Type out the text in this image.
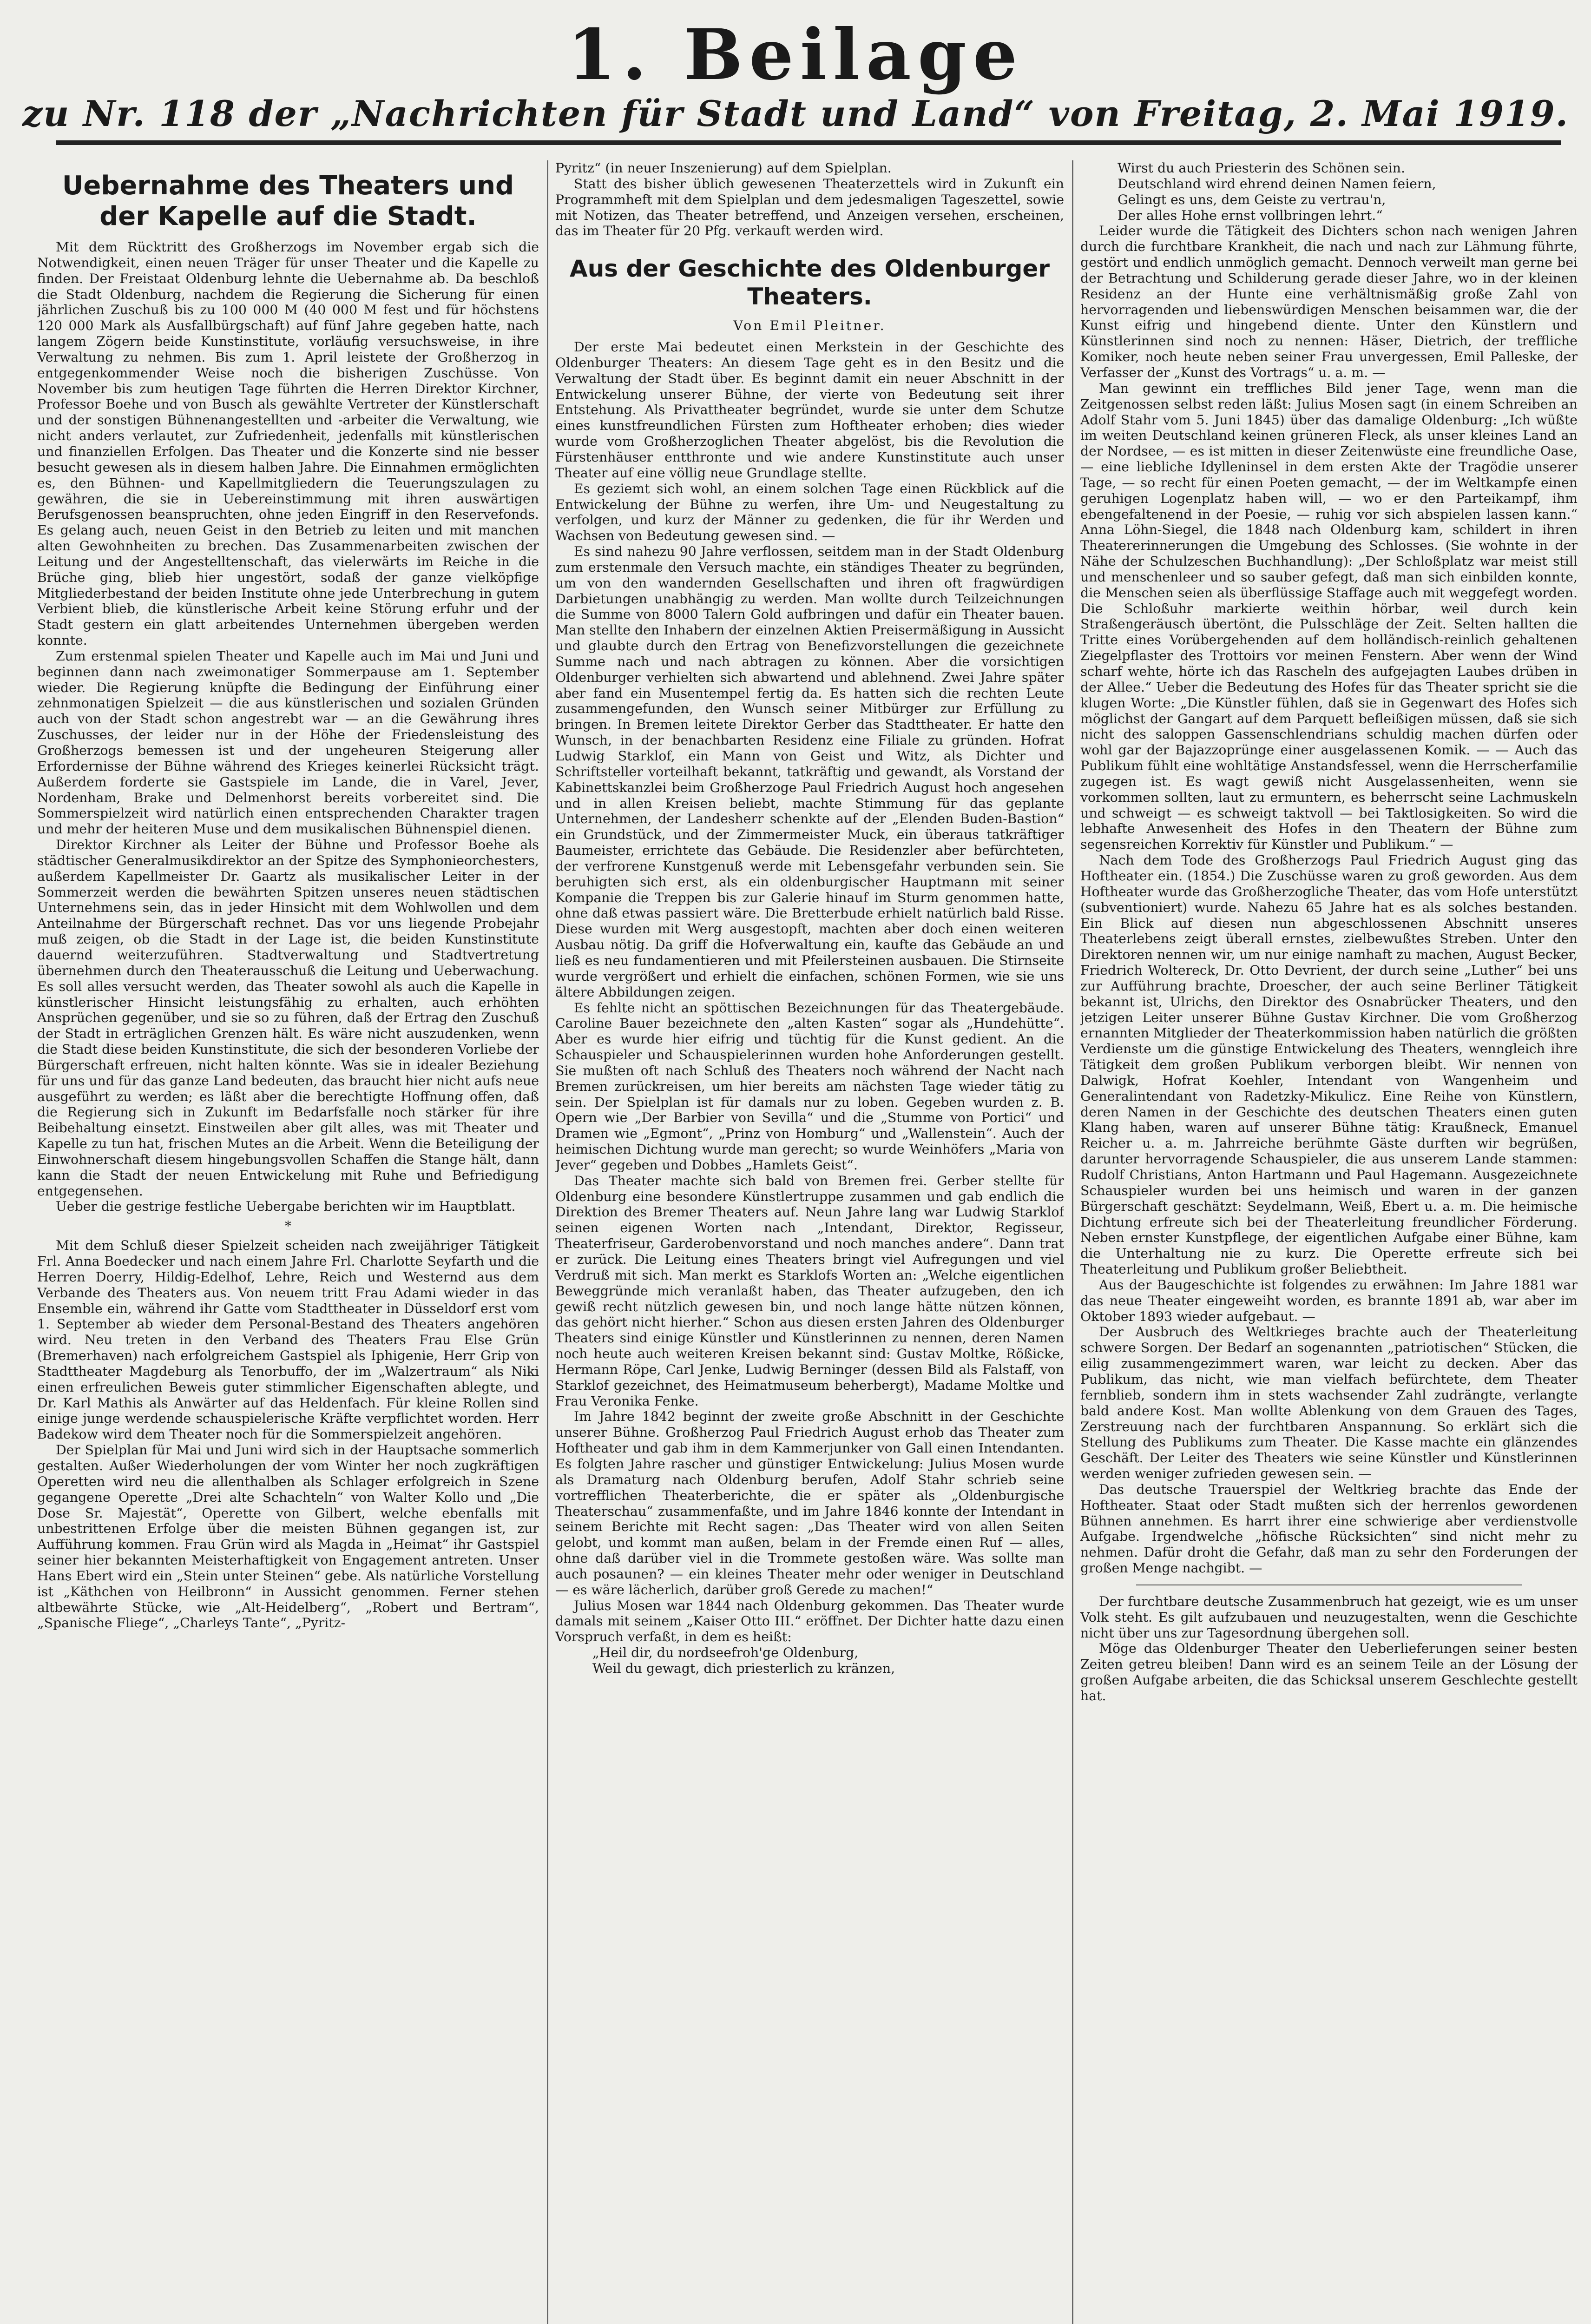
1. Beilage
zu Nr. 118 der „Nachrichten für Stadt und Land“ von Freitag, 2. Mai 1919.
Uebernahme des Theaters und der Kapelle auf die Stadt.

Mit dem Rücktritt des Großherzogs im November ergab sich die Notwendigkeit, einen neuen Träger für unser Theater und die Kapelle zu finden. Der Freistaat Oldenburg lehnte die Uebernahme ab. Da beschloß die Stadt Oldenburg, nachdem die Regierung die Sicherung für einen jährlichen Zuschuß bis zu 100 000 M (40 000 M fest und für höchstens 120 000 Mark als Ausfallbürgschaft) auf fünf Jahre gegeben hatte, nach langem Zögern beide Kunstinstitute, vorläufig versuchsweise, in ihre Verwaltung zu nehmen. Bis zum 1. April leistete der Großherzog in entgegenkommender Weise noch die bisherigen Zuschüsse. Von November bis zum heutigen Tage führten die Herren Direktor Kirchner, Professor Boehe und von Busch als gewählte Vertreter der Künstlerschaft und der sonstigen Bühnenangestellten und -arbeiter die Verwaltung, wie nicht anders verlautet, zur Zufriedenheit, jedenfalls mit künstlerischen und finanziellen Erfolgen. Das Theater und die Konzerte sind nie besser besucht gewesen als in diesem halben Jahre. Die Einnahmen ermöglichten es, den Bühnen- und Kapellmitgliedern die Teuerungszulagen zu gewähren, die sie in Uebereinstimmung mit ihren auswärtigen Berufsgenossen beanspruchten, ohne jeden Eingriff in den Reservefonds. Es gelang auch, neuen Geist in den Betrieb zu leiten und mit manchen alten Gewohnheiten zu brechen. Das Zusammenarbeiten zwischen der Leitung und der Angestelltenschaft, das vielerwärts im Reiche in die Brüche ging, blieb hier ungestört, sodaß der ganze vielköpfige Mitgliederbestand der beiden Institute ohne jede Unterbrechung in gutem Verbient blieb, die künstlerische Arbeit keine Störung erfuhr und der Stadt gestern ein glatt arbeitendes Unternehmen übergeben werden konnte.

Zum erstenmal spielen Theater und Kapelle auch im Mai und Juni und beginnen dann nach zweimonatiger Sommerpause am 1. September wieder. Die Regierung knüpfte die Bedingung der Einführung einer zehnmonatigen Spielzeit — die aus künstlerischen und sozialen Gründen auch von der Stadt schon angestrebt war — an die Gewährung ihres Zuschusses, der leider nur in der Höhe der Friedensleistung des Großherzogs bemessen ist und der ungeheuren Steigerung aller Erfordernisse der Bühne während des Krieges keinerlei Rücksicht trägt. Außerdem forderte sie Gastspiele im Lande, die in Varel, Jever, Nordenham, Brake und Delmenhorst bereits vorbereitet sind. Die Sommerspielzeit wird natürlich einen entsprechenden Charakter tragen und mehr der heiteren Muse und dem musikalischen Bühnenspiel dienen.

Direktor Kirchner als Leiter der Bühne und Professor Boehe als städtischer Generalmusikdirektor an der Spitze des Symphonieorchesters, außerdem Kapellmeister Dr. Gaartz als musikalischer Leiter in der Sommerzeit werden die bewährten Spitzen unseres neuen städtischen Unternehmens sein, das in jeder Hinsicht mit dem Wohlwollen und dem Anteilnahme der Bürgerschaft rechnet. Das vor uns liegende Probejahr muß zeigen, ob die Stadt in der Lage ist, die beiden Kunstinstitute dauernd weiterzuführen. Stadtverwaltung und Stadtvertretung übernehmen durch den Theaterausschuß die Leitung und Ueberwachung. Es soll alles versucht werden, das Theater sowohl als auch die Kapelle in künstlerischer Hinsicht leistungsfähig zu erhalten, auch erhöhten Ansprüchen gegenüber, und sie so zu führen, daß der Ertrag den Zuschuß der Stadt in erträglichen Grenzen hält. Es wäre nicht auszudenken, wenn die Stadt diese beiden Kunstinstitute, die sich der besonderen Vorliebe der Bürgerschaft erfreuen, nicht halten könnte. Was sie in idealer Beziehung für uns und für das ganze Land bedeuten, das braucht hier nicht aufs neue ausgeführt zu werden; es läßt aber die berechtigte Hoffnung offen, daß die Regierung sich in Zukunft im Bedarfsfalle noch stärker für ihre Beibehaltung einsetzt. Einstweilen aber gilt alles, was mit Theater und Kapelle zu tun hat, frischen Mutes an die Arbeit. Wenn die Beteiligung der Einwohnerschaft diesem hingebungsvollen Schaffen die Stange hält, dann kann die Stadt der neuen Entwickelung mit Ruhe und Befriedigung entgegensehen.

Ueber die gestrige festliche Uebergabe berichten wir im Hauptblatt.

*

Mit dem Schluß dieser Spielzeit scheiden nach zweijähriger Tätigkeit Frl. Anna Boedecker und nach einem Jahre Frl. Charlotte Seyfarth und die Herren Doerry, Hildig-Edelhof, Lehre, Reich und Westernd aus dem Verbande des Theaters aus. Von neuem tritt Frau Adami wieder in das Ensemble ein, während ihr Gatte vom Stadttheater in Düsseldorf erst vom 1. September ab wieder dem Personal-Bestand des Theaters angehören wird. Neu treten in den Verband des Theaters Frau Else Grün (Bremerhaven) nach erfolgreichem Gastspiel als Iphigenie, Herr Grip von Stadttheater Magdeburg als Tenorbuffo, der im „Walzertraum“ als Niki einen erfreulichen Beweis guter stimmlicher Eigenschaften ablegte, und Dr. Karl Mathis als Anwärter auf das Heldenfach. Für kleine Rollen sind einige junge werdende schauspielerische Kräfte verpflichtet worden. Herr Badekow wird dem Theater noch für die Sommerspielzeit angehören.

Der Spielplan für Mai und Juni wird sich in der Hauptsache sommerlich gestalten. Außer Wiederholungen der vom Winter her noch zugkräftigen Operetten wird neu die allenthalben als Schlager erfolgreich in Szene gegangene Operette „Drei alte Schachteln“ von Walter Kollo und „Die Dose Sr. Majestät“, Operette von Gilbert, welche ebenfalls mit unbestrittenen Erfolge über die meisten Bühnen gegangen ist, zur Aufführung kommen. Frau Grün wird als Magda in „Heimat“ ihr Gastspiel seiner hier bekannten Meisterhaftigkeit von Engagement antreten. Unser Hans Ebert wird ein „Stein unter Steinen“ gebe. Als natürliche Vorstellung ist „Käthchen von Heilbronn“ in Aussicht genommen. Ferner stehen altbewährte Stücke, wie „Alt-Heidelberg“, „Robert und Bertram“, „Spanische Fliege“, „Charleys Tante“, „Pyritz-

Pyritz“ (in neuer Inszenierung) auf dem Spielplan.

Statt des bisher üblich gewesenen Theaterzettels wird in Zukunft ein Programmheft mit dem Spielplan und dem jedesmaligen Tageszettel, sowie mit Notizen, das Theater betreffend, und Anzeigen versehen, erscheinen, das im Theater für 20 Pfg. verkauft werden wird.

Aus der Geschichte des Oldenburger Theaters.
Von Emil Pleitner.

Der erste Mai bedeutet einen Merkstein in der Geschichte des Oldenburger Theaters: An diesem Tage geht es in den Besitz und die Verwaltung der Stadt über. Es beginnt damit ein neuer Abschnitt in der Entwickelung unserer Bühne, der vierte von Bedeutung seit ihrer Entstehung. Als Privattheater begründet, wurde sie unter dem Schutze eines kunstfreundlichen Fürsten zum Hoftheater erhoben; dies wieder wurde vom Großherzoglichen Theater abgelöst, bis die Revolution die Fürstenhäuser entthronte und wie andere Kunstinstitute auch unser Theater auf eine völlig neue Grundlage stellte.

Es geziemt sich wohl, an einem solchen Tage einen Rückblick auf die Entwickelung der Bühne zu werfen, ihre Um- und Neugestaltung zu verfolgen, und kurz der Männer zu gedenken, die für ihr Werden und Wachsen von Bedeutung gewesen sind. —

Es sind nahezu 90 Jahre verflossen, seitdem man in der Stadt Oldenburg zum erstenmale den Versuch machte, ein ständiges Theater zu begründen, um von den wandernden Gesellschaften und ihren oft fragwürdigen Darbietungen unabhängig zu werden. Man wollte durch Teilzeichnungen die Summe von 8000 Talern Gold aufbringen und dafür ein Theater bauen. Man stellte den Inhabern der einzelnen Aktien Preisermäßigung in Aussicht und glaubte durch den Ertrag von Benefizvorstellungen die gezeichnete Summe nach und nach abtragen zu können. Aber die vorsichtigen Oldenburger verhielten sich abwartend und ablehnend. Zwei Jahre später aber fand ein Musentempel fertig da. Es hatten sich die rechten Leute zusammengefunden, den Wunsch seiner Mitbürger zur Erfüllung zu bringen. In Bremen leitete Direktor Gerber das Stadttheater. Er hatte den Wunsch, in der benachbarten Residenz eine Filiale zu gründen. Hofrat Ludwig Starklof, ein Mann von Geist und Witz, als Dichter und Schriftsteller vorteilhaft bekannt, tatkräftig und gewandt, als Vorstand der Kabinettskanzlei beim Großherzoge Paul Friedrich August hoch angesehen und in allen Kreisen beliebt, machte Stimmung für das geplante Unternehmen, der Landesherr schenkte auf der „Elenden Buden-Bastion“ ein Grundstück, und der Zimmermeister Muck, ein überaus tatkräftiger Baumeister, errichtete das Gebäude. Die Residenzler aber befürchteten, der verfrorene Kunstgenuß werde mit Lebensgefahr verbunden sein. Sie beruhigten sich erst, als ein oldenburgischer Hauptmann mit seiner Kompanie die Treppen bis zur Galerie hinauf im Sturm genommen hatte, ohne daß etwas passiert wäre. Die Bretterbude erhielt natürlich bald Risse. Diese wurden mit Werg ausgestopft, machten aber doch einen weiteren Ausbau nötig. Da griff die Hofverwaltung ein, kaufte das Gebäude an und ließ es neu fundamentieren und mit Pfeilersteinen ausbauen. Die Stirnseite wurde vergrößert und erhielt die einfachen, schönen Formen, wie sie uns ältere Abbildungen zeigen.

Es fehlte nicht an spöttischen Bezeichnungen für das Theatergebäude. Caroline Bauer bezeichnete den „alten Kasten“ sogar als „Hundehütte“. Aber es wurde hier eifrig und tüchtig für die Kunst gedient. An die Schauspieler und Schauspielerinnen wurden hohe Anforderungen gestellt. Sie mußten oft nach Schluß des Theaters noch während der Nacht nach Bremen zurückreisen, um hier bereits am nächsten Tage wieder tätig zu sein. Der Spielplan ist für damals nur zu loben. Gegeben wurden z. B. Opern wie „Der Barbier von Sevilla“ und die „Stumme von Portici“ und Dramen wie „Egmont“, „Prinz von Homburg“ und „Wallenstein“. Auch der heimischen Dichtung wurde man gerecht; so wurde Weinhöfers „Maria von Jever“ gegeben und Dobbes „Hamlets Geist“.

Das Theater machte sich bald von Bremen frei. Gerber stellte für Oldenburg eine besondere Künstlertruppe zusammen und gab endlich die Direktion des Bremer Theaters auf. Neun Jahre lang war Ludwig Starklof seinen eigenen Worten nach „Intendant, Direktor, Regisseur, Theaterfriseur, Garderobenvorstand und noch manches andere“. Dann trat er zurück. Die Leitung eines Theaters bringt viel Aufregungen und viel Verdruß mit sich. Man merkt es Starklofs Worten an: „Welche eigentlichen Beweggründe mich veranlaßt haben, das Theater aufzugeben, den ich gewiß recht nützlich gewesen bin, und noch lange hätte nützen können, das gehört nicht hierher.“ Schon aus diesen ersten Jahren des Oldenburger Theaters sind einige Künstler und Künstlerinnen zu nennen, deren Namen noch heute auch weiteren Kreisen bekannt sind: Gustav Moltke, Rößicke, Hermann Röpe, Carl Jenke, Ludwig Berninger (dessen Bild als Falstaff, von Starklof gezeichnet, des Heimatmuseum beherbergt), Madame Moltke und Frau Veronika Fenke.

Im Jahre 1842 beginnt der zweite große Abschnitt in der Geschichte unserer Bühne. Großherzog Paul Friedrich August erhob das Theater zum Hoftheater und gab ihm in dem Kammerjunker von Gall einen Intendanten. Es folgten Jahre rascher und günstiger Entwickelung: Julius Mosen wurde als Dramaturg nach Oldenburg berufen, Adolf Stahr schrieb seine vortrefflichen Theaterberichte, die er später als „Oldenburgische Theaterschau“ zusammenfaßte, und im Jahre 1846 konnte der Intendant in seinem Berichte mit Recht sagen: „Das Theater wird von allen Seiten gelobt, und kommt man außen, belam in der Fremde einen Ruf — alles, ohne daß darüber viel in die Trommete gestoßen wäre. Was sollte man auch posaunen? — ein kleines Theater mehr oder weniger in Deutschland — es wäre lächerlich, darüber groß Gerede zu machen!“

Julius Mosen war 1844 nach Oldenburg gekommen. Das Theater wurde damals mit seinem „Kaiser Otto III.“ eröffnet. Der Dichter hatte dazu einen Vorspruch verfaßt, in dem es heißt:

„Heil dir, du nordseefroh'ge Oldenburg,

Weil du gewagt, dich priesterlich zu kränzen,

Wirst du auch Priesterin des Schönen sein.

Deutschland wird ehrend deinen Namen feiern,

Gelingt es uns, dem Geiste zu vertrau'n,

Der alles Hohe ernst vollbringen lehrt.“

Leider wurde die Tätigkeit des Dichters schon nach wenigen Jahren durch die furchtbare Krankheit, die nach und nach zur Lähmung führte, gestört und endlich unmöglich gemacht. Dennoch verweilt man gerne bei der Betrachtung und Schilderung gerade dieser Jahre, wo in der kleinen Residenz an der Hunte eine verhältnismäßig große Zahl von hervorragenden und liebenswürdigen Menschen beisammen war, die der Kunst eifrig und hingebend diente. Unter den Künstlern und Künstlerinnen sind noch zu nennen: Häser, Dietrich, der treffliche Komiker, noch heute neben seiner Frau unvergessen, Emil Palleske, der Verfasser der „Kunst des Vortrags“ u. a. m. —

Man gewinnt ein treffliches Bild jener Tage, wenn man die Zeitgenossen selbst reden läßt: Julius Mosen sagt (in einem Schreiben an Adolf Stahr vom 5. Juni 1845) über das damalige Oldenburg: „Ich wüßte im weiten Deutschland keinen grüneren Fleck, als unser kleines Land an der Nordsee, — es ist mitten in dieser Zeitenwüste eine freundliche Oase, — eine liebliche Idylleninsel in dem ersten Akte der Tragödie unserer Tage, — so recht für einen Poeten gemacht, — der im Weltkampfe einen geruhigen Logenplatz haben will, — wo er den Parteikampf, ihm ebengefaltenend in der Poesie, — ruhig vor sich abspielen lassen kann.“ Anna Löhn-Siegel, die 1848 nach Oldenburg kam, schildert in ihren Theatererinnerungen die Umgebung des Schlosses. (Sie wohnte in der Nähe der Schulzeschen Buchhandlung): „Der Schloßplatz war meist still und menschenleer und so sauber gefegt, daß man sich einbilden konnte, die Menschen seien als überflüssige Staffage auch mit weggefegt worden. Die Schloßuhr markierte weithin hörbar, weil durch kein Straßengeräusch übertönt, die Pulsschläge der Zeit. Selten hallten die Tritte eines Vorübergehenden auf dem holländisch-reinlich gehaltenen Ziegelpflaster des Trottoirs vor meinen Fenstern. Aber wenn der Wind scharf wehte, hörte ich das Rascheln des aufgejagten Laubes drüben in der Allee.“ Ueber die Bedeutung des Hofes für das Theater spricht sie die klugen Worte: „Die Künstler fühlen, daß sie in Gegenwart des Hofes sich möglichst der Gangart auf dem Parquett befleißigen müssen, daß sie sich nicht des saloppen Gassenschlendrians schuldig machen dürfen oder wohl gar der Bajazzoprünge einer ausgelassenen Komik. — — Auch das Publikum fühlt eine wohltätige Anstandsfessel, wenn die Herrscherfamilie zugegen ist. Es wagt gewiß nicht Ausgelassenheiten, wenn sie vorkommen sollten, laut zu ermuntern, es beherrscht seine Lachmuskeln und schweigt — es schweigt taktvoll — bei Taktlosigkeiten. So wird die lebhafte Anwesenheit des Hofes in den Theatern der Bühne zum segensreichen Korrektiv für Künstler und Publikum.“ —

Nach dem Tode des Großherzogs Paul Friedrich August ging das Hoftheater ein. (1854.) Die Zuschüsse waren zu groß geworden. Aus dem Hoftheater wurde das Großherzogliche Theater, das vom Hofe unterstützt (subventioniert) wurde. Nahezu 65 Jahre hat es als solches bestanden. Ein Blick auf diesen nun abgeschlossenen Abschnitt unseres Theaterlebens zeigt überall ernstes, zielbewußtes Streben. Unter den Direktoren nennen wir, um nur einige namhaft zu machen, August Becker, Friedrich Woltereck, Dr. Otto Devrient, der durch seine „Luther“ bei uns zur Aufführung brachte, Droescher, der auch seine Berliner Tätigkeit bekannt ist, Ulrichs, den Direktor des Osnabrücker Theaters, und den jetzigen Leiter unserer Bühne Gustav Kirchner. Die vom Großherzog ernannten Mitglieder der Theaterkommission haben natürlich die größten Verdienste um die günstige Entwickelung des Theaters, wenngleich ihre Tätigkeit dem großen Publikum verborgen bleibt. Wir nennen von Dalwigk, Hofrat Koehler, Intendant von Wangenheim und Generalintendant von Radetzky-Mikulicz. Eine Reihe von Künstlern, deren Namen in der Geschichte des deutschen Theaters einen guten Klang haben, waren auf unserer Bühne tätig: Kraußneck, Emanuel Reicher u. a. m. Jahrreiche berühmte Gäste durften wir begrüßen, darunter hervorragende Schauspieler, die aus unserem Lande stammen: Rudolf Christians, Anton Hartmann und Paul Hagemann. Ausgezeichnete Schauspieler wurden bei uns heimisch und waren in der ganzen Bürgerschaft geschätzt: Seydelmann, Weiß, Ebert u. a. m. Die heimische Dichtung erfreute sich bei der Theaterleitung freundlicher Förderung. Neben ernster Kunstpflege, der eigentlichen Aufgabe einer Bühne, kam die Unterhaltung nie zu kurz. Die Operette erfreute sich bei Theaterleitung und Publikum großer Beliebtheit.

Aus der Baugeschichte ist folgendes zu erwähnen: Im Jahre 1881 war das neue Theater eingeweiht worden, es brannte 1891 ab, war aber im Oktober 1893 wieder aufgebaut. —

Der Ausbruch des Weltkrieges brachte auch der Theaterleitung schwere Sorgen. Der Bedarf an sogenannten „patriotischen“ Stücken, die eilig zusammengezimmert waren, war leicht zu decken. Aber das Publikum, das nicht, wie man vielfach befürchtete, dem Theater fernblieb, sondern ihm in stets wachsender Zahl zudrängte, verlangte bald andere Kost. Man wollte Ablenkung von dem Grauen des Tages, Zerstreuung nach der furchtbaren Anspannung. So erklärt sich die Stellung des Publikums zum Theater. Die Kasse machte ein glänzendes Geschäft. Der Leiter des Theaters wie seine Künstler und Künstlerinnen werden weniger zufrieden gewesen sein. —

Das deutsche Trauerspiel der Weltkrieg brachte das Ende der Hoftheater. Staat oder Stadt mußten sich der herrenlos gewordenen Bühnen annehmen. Es harrt ihrer eine schwierige aber verdienstvolle Aufgabe. Irgendwelche „höfische Rücksichten“ sind nicht mehr zu nehmen. Dafür droht die Gefahr, daß man zu sehr den Forderungen der großen Menge nachgibt. —

Der furchtbare deutsche Zusammenbruch hat gezeigt, wie es um unser Volk steht. Es gilt aufzubauen und neuzugestalten, wenn die Geschichte nicht über uns zur Tagesordnung übergehen soll.

Möge das Oldenburger Theater den Ueberlieferungen seiner besten Zeiten getreu bleiben! Dann wird es an seinem Teile an der Lösung der großen Aufgabe arbeiten, die das Schicksal unserem Geschlechte gestellt hat.
